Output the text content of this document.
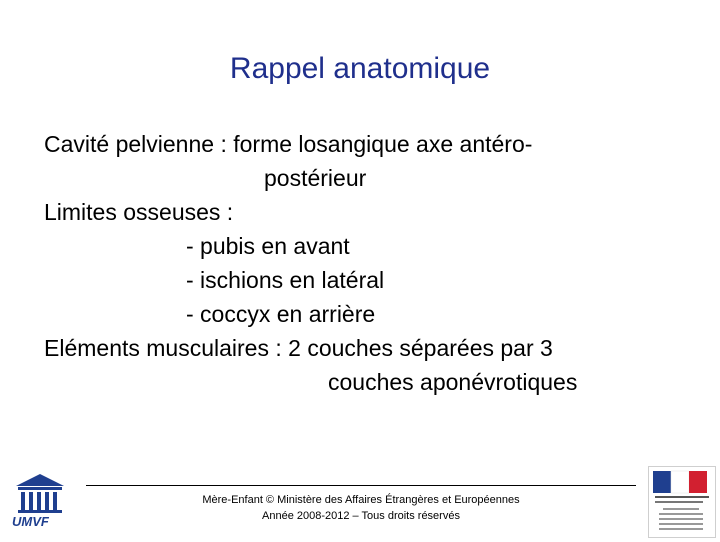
Rappel anatomique
Cavité pelvienne : forme losangique axe antéro-
postérieur
Limites osseuses :
- pubis en avant
- ischions en latéral
- coccyx en arrière
Eléments musculaires : 2 couches séparées par 3
couches aponévrotiques
Mère-Enfant © Ministère des Affaires Étrangères et Européennes
Année 2008-2012 – Tous droits réservés
UMVF
